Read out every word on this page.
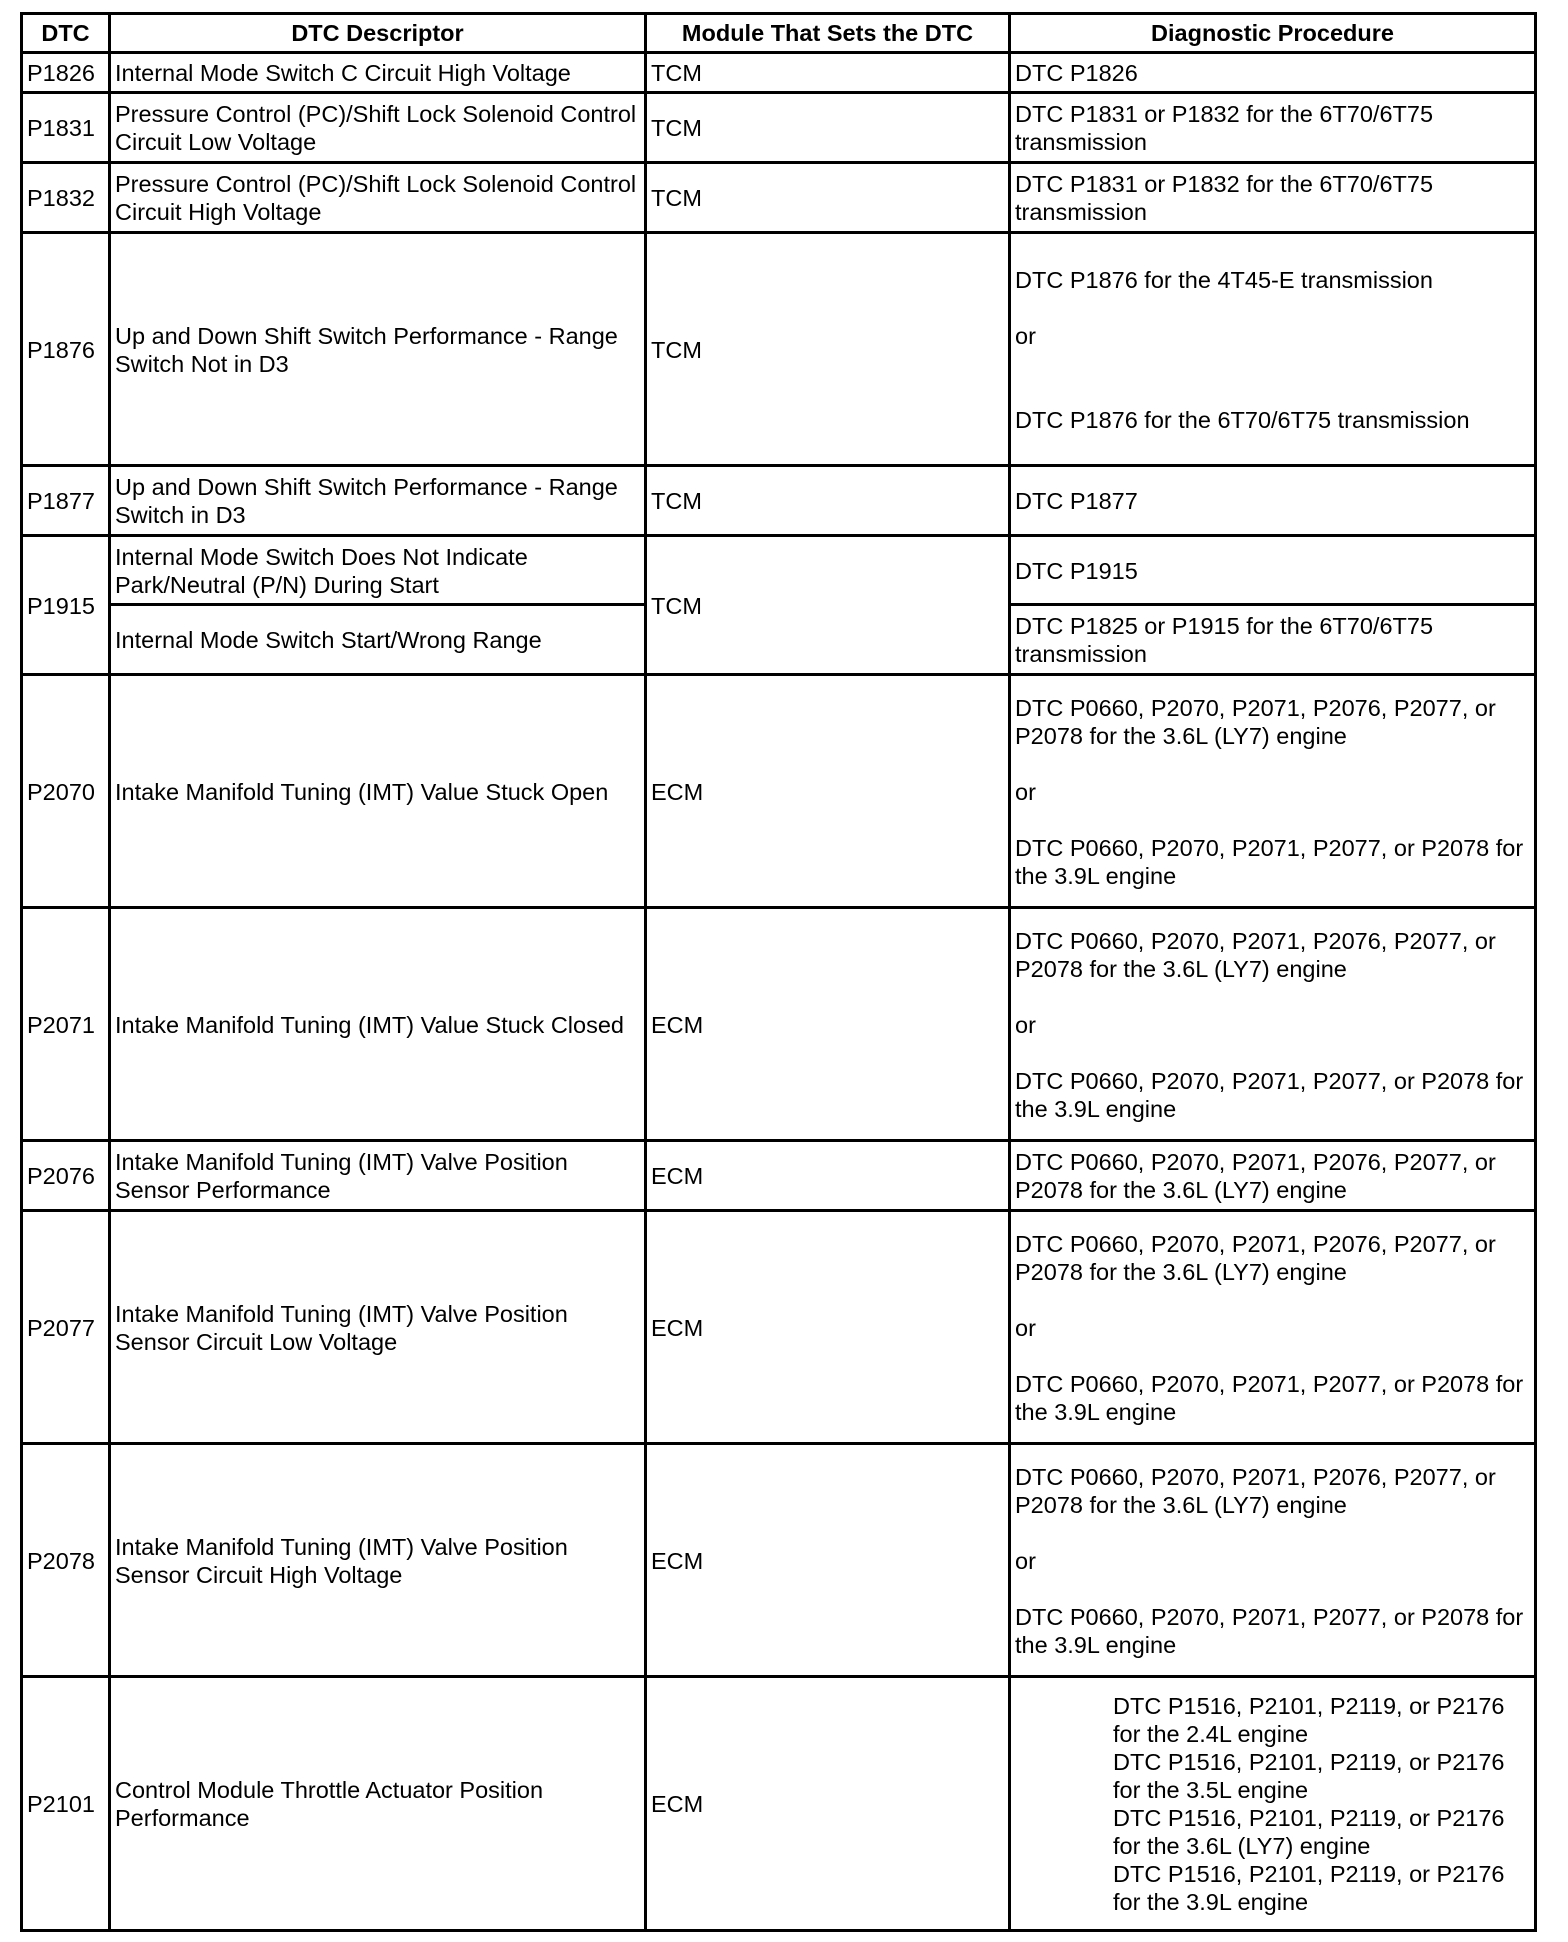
DTC	DTC Descriptor	Module That Sets the DTC	Diagnostic Procedure
P1826	Internal Mode Switch C Circuit High Voltage	TCM	DTC P1826

P1831	Pressure Control (PC)/Shift Lock Solenoid Control Circuit Low Voltage	TCM	DTC P1831 or P1832 for the 6T70/6T75 transmission

P1832	Pressure Control (PC)/Shift Lock Solenoid Control Circuit High Voltage	TCM	DTC P1831 or P1832 for the 6T70/6T75 transmission

P1876	Up and Down Shift Switch Performance - Range Switch Not in D3	TCM	DTC P1876 for the 4T45-E transmission
or
DTC P1876 for the 6T70/6T75 transmission

P1877	Up and Down Shift Switch Performance - Range Switch in D3	TCM	DTC P1877

P1915	Internal Mode Switch Does Not Indicate Park/Neutral (P/N) During Start	TCM	DTC P1915

	Internal Mode Switch Start/Wrong Range		DTC P1825 or P1915 for the 6T70/6T75 transmission

P2070	Intake Manifold Tuning (IMT) Value Stuck Open	ECM	DTC P0660, P2070, P2071, P2076, P2077, or P2078 for the 3.6L (LY7) engine
or
DTC P0660, P2070, P2071, P2077, or P2078 for the 3.9L engine

P2071	Intake Manifold Tuning (IMT) Value Stuck Closed	ECM	DTC P0660, P2070, P2071, P2076, P2077, or P2078 for the 3.6L (LY7) engine
or
DTC P0660, P2070, P2071, P2077, or P2078 for the 3.9L engine

P2076	Intake Manifold Tuning (IMT) Valve Position Sensor Performance	ECM	DTC P0660, P2070, P2071, P2076, P2077, or P2078 for the 3.6L (LY7) engine

P2077	Intake Manifold Tuning (IMT) Valve Position Sensor Circuit Low Voltage	ECM	DTC P0660, P2070, P2071, P2076, P2077, or P2078 for the 3.6L (LY7) engine
or
DTC P0660, P2070, P2071, P2077, or P2078 for the 3.9L engine

P2078	Intake Manifold Tuning (IMT) Valve Position Sensor Circuit High Voltage	ECM	DTC P0660, P2070, P2071, P2076, P2077, or P2078 for the 3.6L (LY7) engine
or
DTC P0660, P2070, P2071, P2077, or P2078 for the 3.9L engine

P2101	Control Module Throttle Actuator Position Performance	ECM	DTC P1516, P2101, P2119, or P2176 for the 2.4L engine
DTC P1516, P2101, P2119, or P2176 for the 3.5L engine
DTC P1516, P2101, P2119, or P2176 for the 3.6L (LY7) engine
DTC P1516, P2101, P2119, or P2176 for the 3.9L engine
